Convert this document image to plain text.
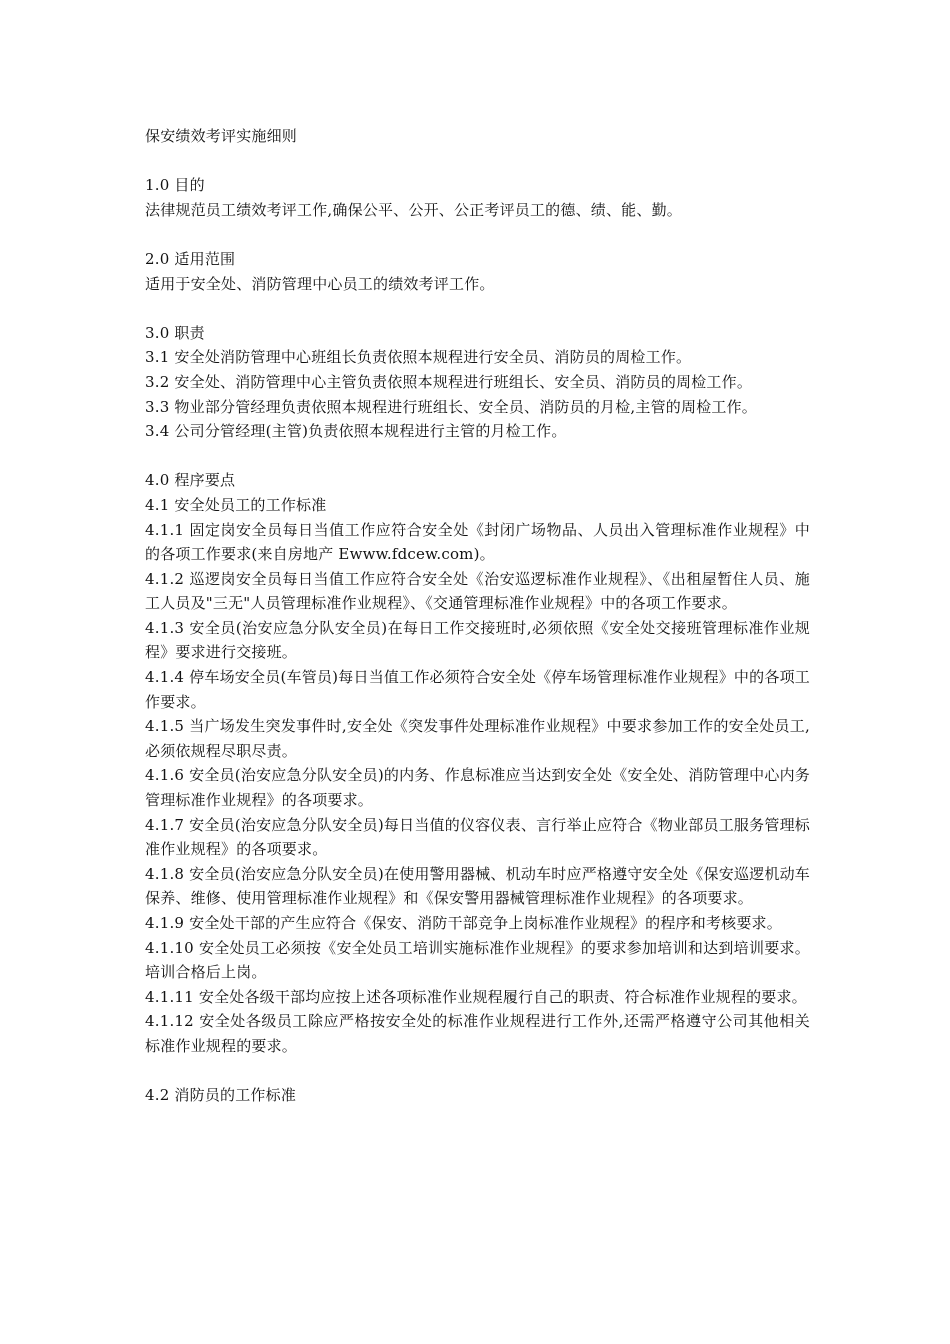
保安绩效考评实施细则
1.0 目的
法律规范员工绩效考评工作,确保公平、公开、公正考评员工的德、绩、能、勤。
2.0 适用范围
适用于安全处、消防管理中心员工的绩效考评工作。
3.0 职责
3.1 安全处消防管理中心班组长负责依照本规程进行安全员、消防员的周检工作。
3.2 安全处、消防管理中心主管负责依照本规程进行班组长、安全员、消防员的周检工作。
3.3 物业部分管经理负责依照本规程进行班组长、安全员、消防员的月检,主管的周检工作。
3.4 公司分管经理(主管)负责依照本规程进行主管的月检工作。
4.0 程序要点
4.1 安全处员工的工作标准
4.1.1 固定岗安全员每日当值工作应符合安全处《封闭广场物品、人员出入管理标准作业规程》中的各项工作要求(来自房地产 Ewww.fdcew.com)。
4.1.2 巡逻岗安全员每日当值工作应符合安全处《治安巡逻标准作业规程》、《出租屋暂住人员、施工人员及"三无"人员管理标准作业规程》、《交通管理标准作业规程》中的各项工作要求。
4.1.3 安全员(治安应急分队安全员)在每日工作交接班时,必须依照《安全处交接班管理标准作业规程》要求进行交接班。
4.1.4 停车场安全员(车管员)每日当值工作必须符合安全处《停车场管理标准作业规程》中的各项工作要求。
4.1.5 当广场发生突发事件时,安全处《突发事件处理标准作业规程》中要求参加工作的安全处员工,必须依规程尽职尽责。
4.1.6 安全员(治安应急分队安全员)的内务、作息标准应当达到安全处《安全处、消防管理中心内务管理标准作业规程》的各项要求。
4.1.7 安全员(治安应急分队安全员)每日当值的仪容仪表、言行举止应符合《物业部员工服务管理标准作业规程》的各项要求。
4.1.8 安全员(治安应急分队安全员)在使用警用器械、机动车时应严格遵守安全处《保安巡逻机动车保养、维修、使用管理标准作业规程》和《保安警用器械管理标准作业规程》的各项要求。
4.1.9 安全处干部的产生应符合《保安、消防干部竞争上岗标准作业规程》的程序和考核要求。
4.1.10 安全处员工必须按《安全处员工培训实施标准作业规程》的要求参加培训和达到培训要求。培训合格后上岗。
4.1.11 安全处各级干部均应按上述各项标准作业规程履行自己的职责、符合标准作业规程的要求。
4.1.12 安全处各级员工除应严格按安全处的标准作业规程进行工作外,还需严格遵守公司其他相关标准作业规程的要求。
4.2 消防员的工作标准
